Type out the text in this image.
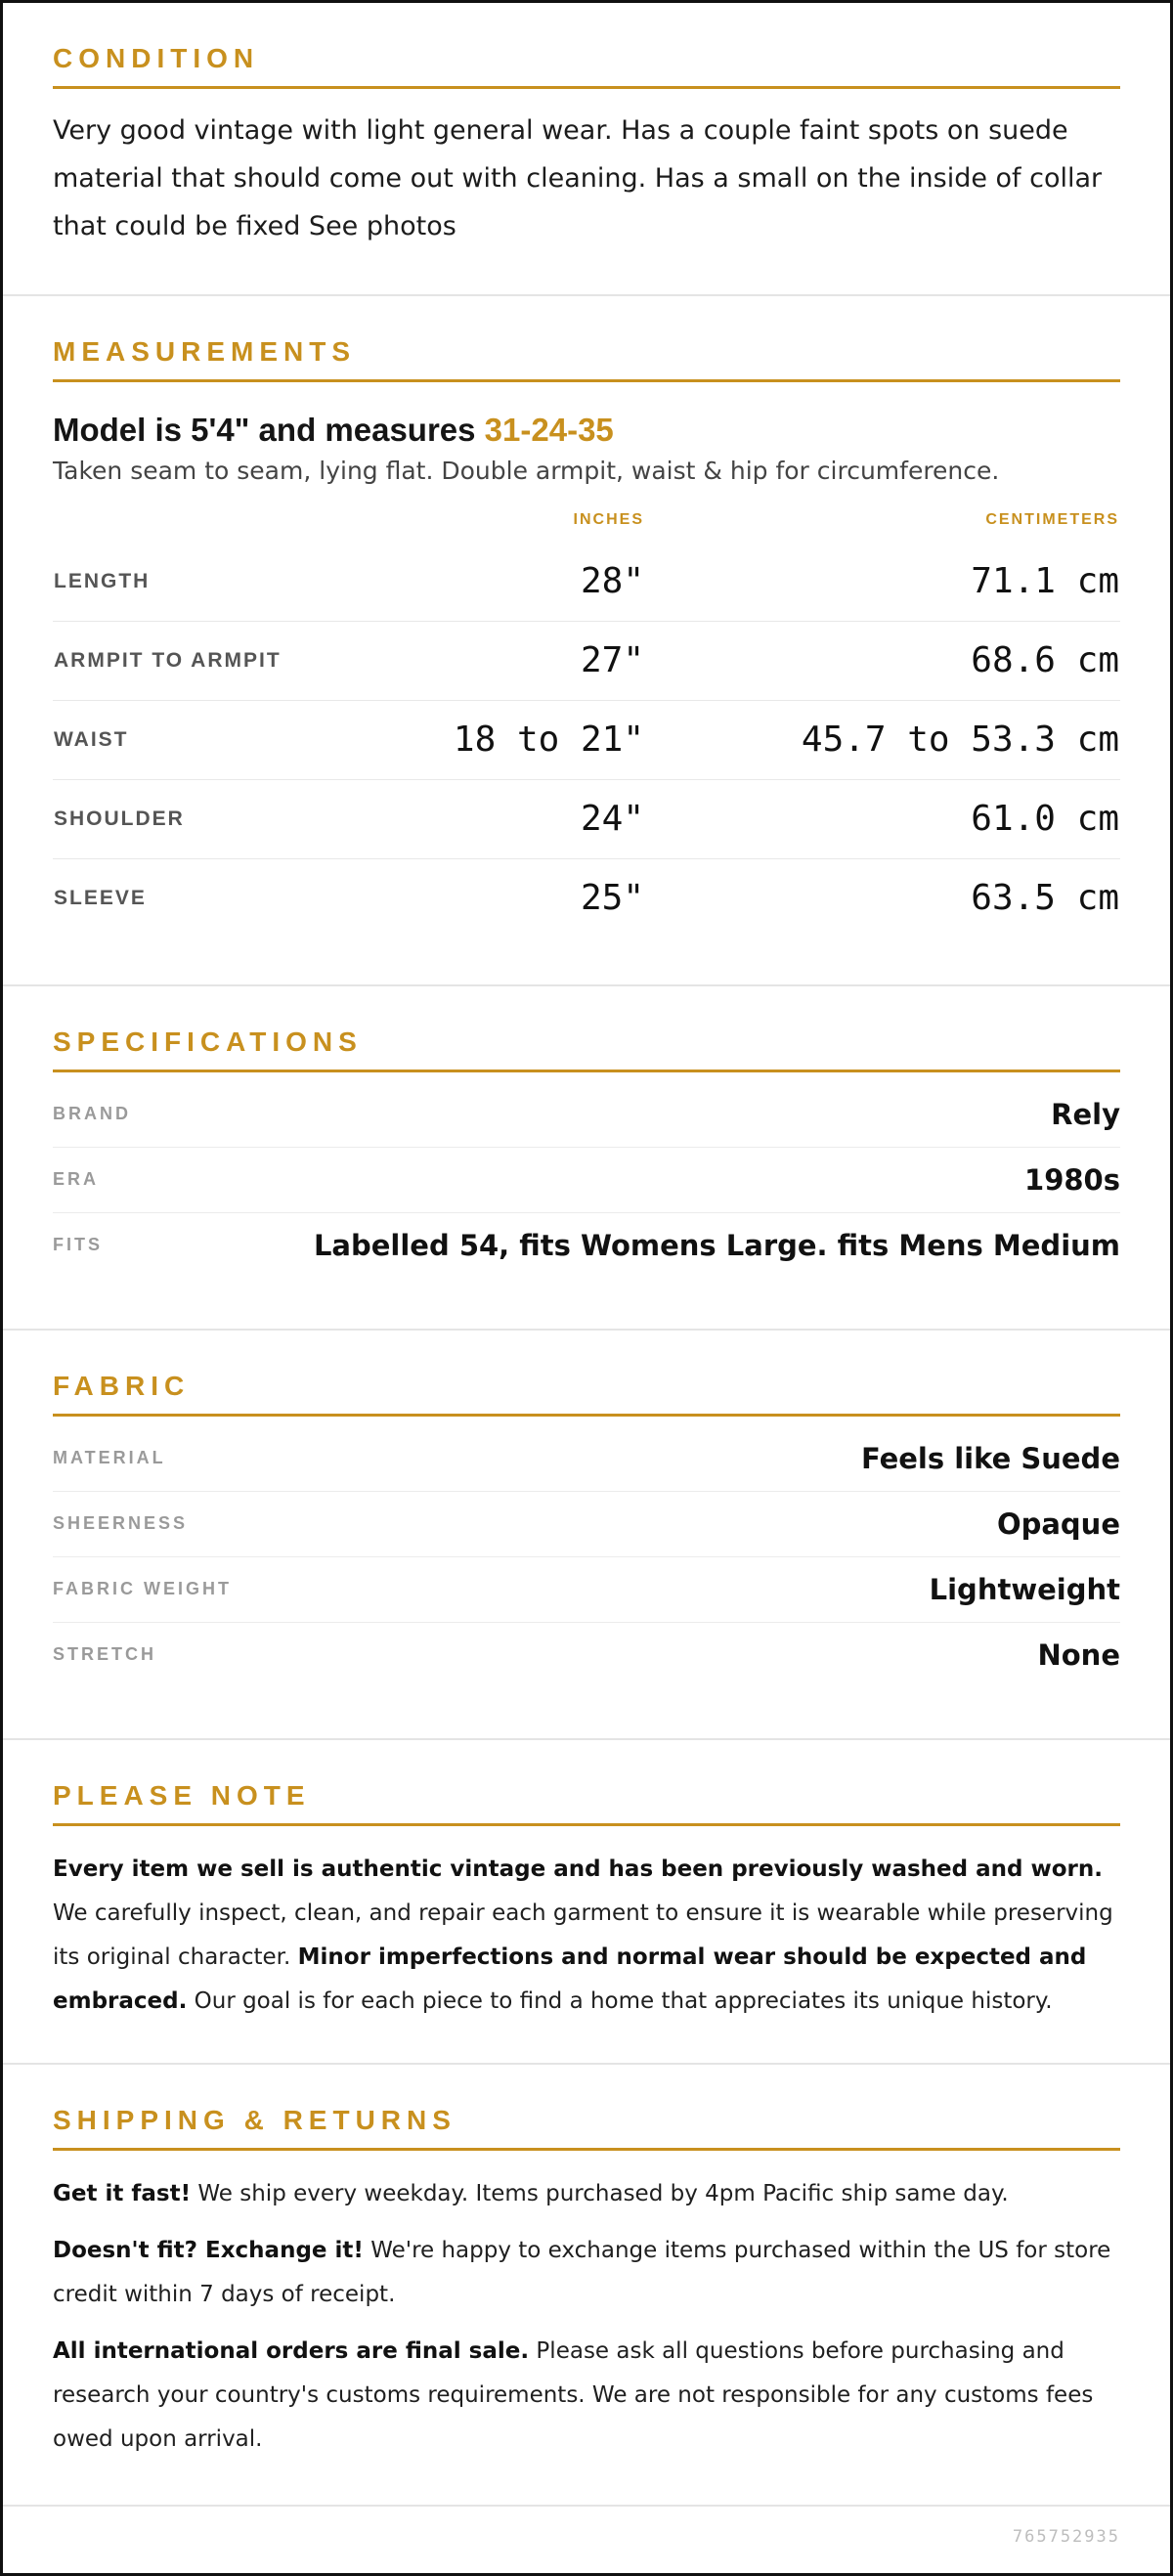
CONDITION

Very good vintage with light general wear. Has a couple faint spots on suede material that should come out with cleaning. Has a small on the inside of collar that could be fixed See photos

MEASUREMENTS
Model is 5'4" and measures 31-24-35
Taken seam to seam, lying flat. Double armpit, waist & hip for circumference.
	INCHES	CENTIMETERS
LENGTH	28"	71.1 cm
ARMPIT TO ARMPIT	27"	68.6 cm
WAIST	18 to 21"	45.7 to 53.3 cm
SHOULDER	24"	61.0 cm
SLEEVE	25"	63.5 cm
SPECIFICATIONS
BRAND	Rely
ERA	1980s
FITS	Labelled 54, fits Womens Large. fits Mens Medium
FABRIC
MATERIAL	Feels like Suede
SHEERNESS	Opaque
FABRIC WEIGHT	Lightweight
STRETCH	None
PLEASE NOTE

Every item we sell is authentic vintage and has been previously washed and worn. We carefully inspect, clean, and repair each garment to ensure it is wearable while preserving its original character. Minor imperfections and normal wear should be expected and embraced. Our goal is for each piece to find a home that appreciates its unique history.

SHIPPING & RETURNS

Get it fast! We ship every weekday. Items purchased by 4pm Pacific ship same day.

Doesn't fit? Exchange it! We're happy to exchange items purchased within the US for store credit within 7 days of receipt.

All international orders are final sale. Please ask all questions before purchasing and research your country's customs requirements. We are not responsible for any customs fees owed upon arrival.

765752935
